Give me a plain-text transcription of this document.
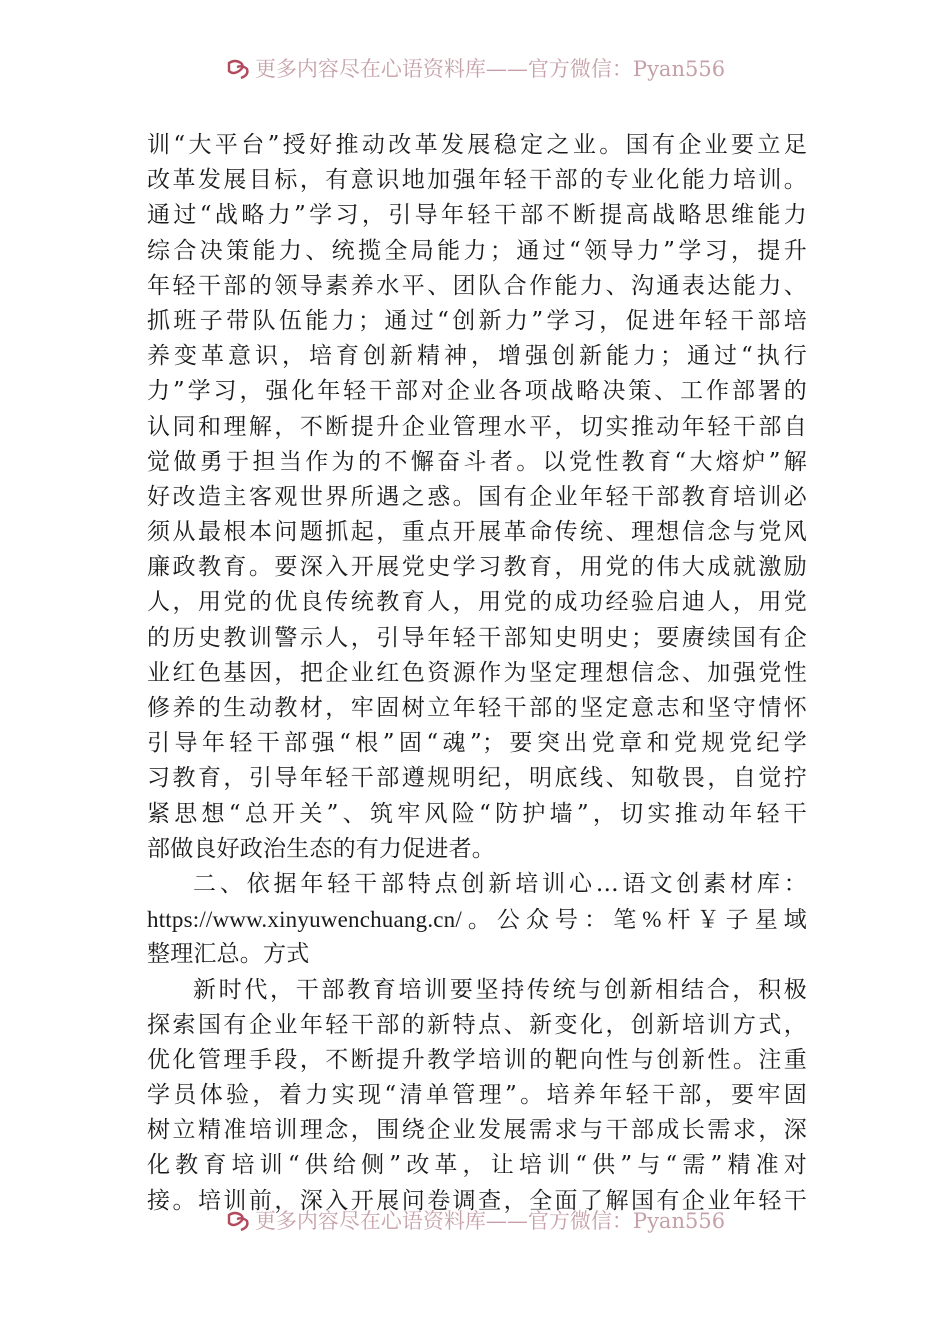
更多内容尽在心语资料库——官方微信：Pyan556
训“大平台”授好推动改革发展稳定之业。国有企业要立足
改革发展目标，有意识地加强年轻干部的专业化能力培训。
通过“战略力”学习，引导年轻干部不断提高战略思维能力
综合决策能力、统揽全局能力；通过“领导力”学习，提升
年轻干部的领导素养水平、团队合作能力、沟通表达能力、
抓班子带队伍能力；通过“创新力”学习，促进年轻干部培
养变革意识，培育创新精神，增强创新能力；通过“执行
力”学习，强化年轻干部对企业各项战略决策、工作部署的
认同和理解，不断提升企业管理水平，切实推动年轻干部自
觉做勇于担当作为的不懈奋斗者。以党性教育“大熔炉”解
好改造主客观世界所遇之惑。国有企业年轻干部教育培训必
须从最根本问题抓起，重点开展革命传统、理想信念与党风
廉政教育。要深入开展党史学习教育，用党的伟大成就激励
人，用党的优良传统教育人，用党的成功经验启迪人，用党
的历史教训警示人，引导年轻干部知史明史；要赓续国有企
业红色基因，把企业红色资源作为坚定理想信念、加强党性
修养的生动教材，牢固树立年轻干部的坚定意志和坚守情怀
引导年轻干部强“根”固“魂”；要突出党章和党规党纪学
习教育，引导年轻干部遵规明纪，明底线、知敬畏，自觉拧
紧思想“总开关”、筑牢风险“防护墙”，切实推动年轻干
部做良好政治生态的有力促进者。
二、依据年轻干部特点创新培训心…语文创素材库：
https://www.xinyuwenchuang.cn/。公众号：笔%杆￥子星域
整理汇总。方式
新时代，干部教育培训要坚持传统与创新相结合，积极
探索国有企业年轻干部的新特点、新变化，创新培训方式，
优化管理手段，不断提升教学培训的靶向性与创新性。注重
学员体验，着力实现“清单管理”。培养年轻干部，要牢固
树立精准培训理念，围绕企业发展需求与干部成长需求，深
化教育培训“供给侧”改革，让培训“供”与“需”精准对
接。培训前，深入开展问卷调查，全面了解国有企业年轻干
更多内容尽在心语资料库——官方微信：Pyan556
